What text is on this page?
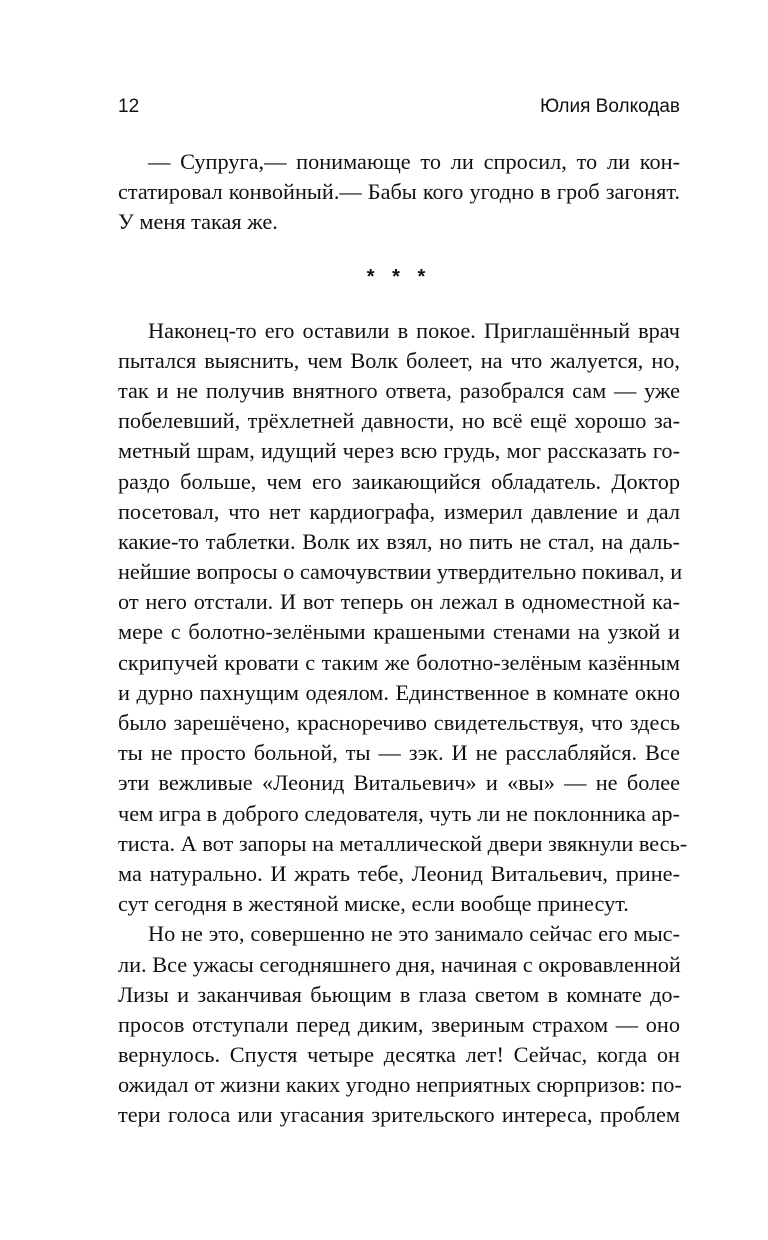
12	Юлия Волкодав
— Супруга,— понимающе то ли спросил, то ли кон-
статировал конвойный.— Бабы кого угодно в гроб загонят.
У меня такая же.
* * *
Наконец-то его оставили в покое. Приглашённый врач
пытался выяснить, чем Волк болеет, на что жалуется, но,
так и не получив внятного ответа, разобрался сам — уже
побелевший, трёхлетней давности, но всё ещё хорошо за-
метный шрам, идущий через всю грудь, мог рассказать го-
раздо больше, чем его заикающийся обладатель. Доктор
посетовал, что нет кардиографа, измерил давление и дал
какие-то таблетки. Волк их взял, но пить не стал, на даль-
нейшие вопросы о самочувствии утвердительно покивал, и
от него отстали. И вот теперь он лежал в одноместной ка-
мере с болотно-зелёными крашеными стенами на узкой и
скрипучей кровати с таким же болотно-зелёным казённым
и дурно пахнущим одеялом. Единственное в комнате окно
было зарешёчено, красноречиво свидетельствуя, что здесь
ты не просто больной, ты — зэк. И не расслабляйся. Все
эти вежливые «Леонид Витальевич» и «вы» — не более
чем игра в доброго следователя, чуть ли не поклонника ар-
тиста. А вот запоры на металлической двери звякнули весь-
ма натурально. И жрать тебе, Леонид Витальевич, прине-
сут сегодня в жестяной миске, если вообще принесут.
Но не это, совершенно не это занимало сейчас его мыс-
ли. Все ужасы сегодняшнего дня, начиная с окровавленной
Лизы и заканчивая бьющим в глаза светом в комнате до-
просов отступали перед диким, звериным страхом — оно
вернулось. Спустя четыре десятка лет! Сейчас, когда он
ожидал от жизни каких угодно неприятных сюрпризов: по-
тери голоса или угасания зрительского интереса, проблем
